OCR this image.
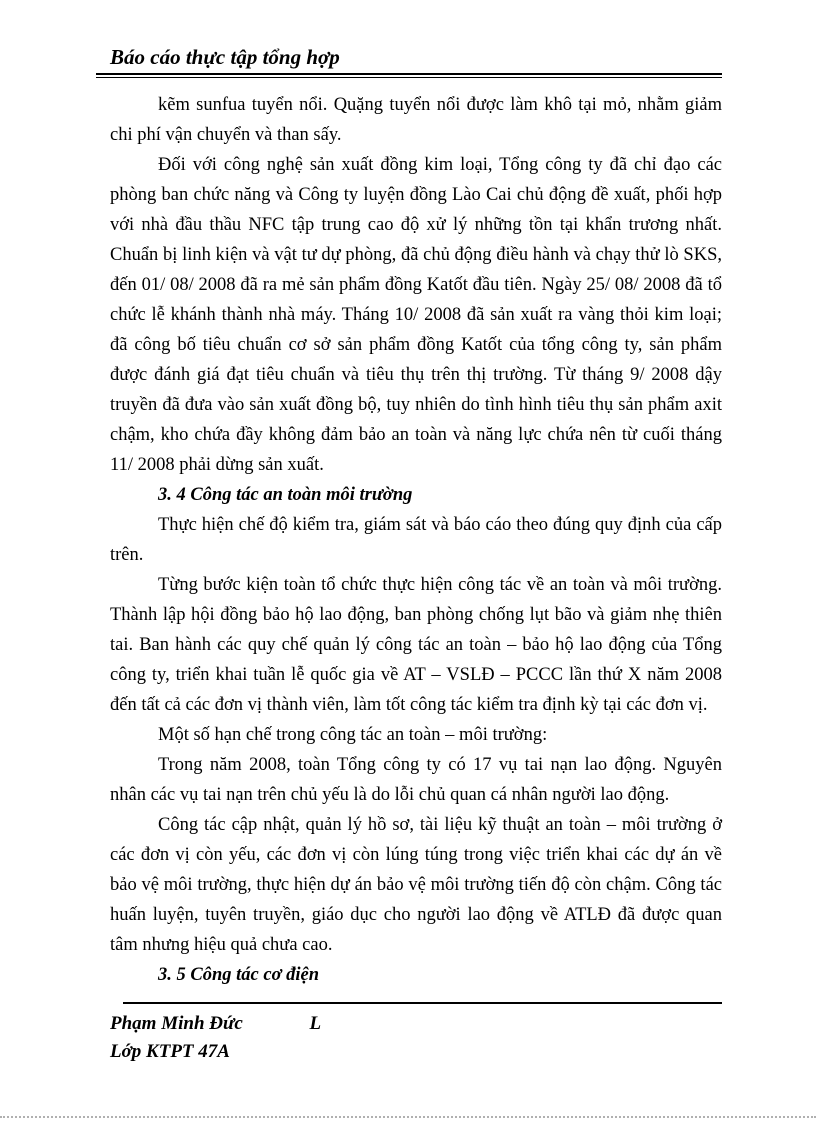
Báo cáo thực tập tổng hợp

kẽm sunfua tuyển nổi. Quặng tuyển nổi được làm khô tại mỏ, nhằm giảm chi phí vận chuyển và than sấy.

Đối với công nghệ sản xuất đồng kim loại, Tổng công ty đã chỉ đạo các phòng ban chức năng và Công ty luyện đồng Lào Cai chủ động đề xuất, phối hợp với nhà đầu thầu NFC tập trung cao độ xử lý những tồn tại khẩn trương nhất. Chuẩn bị linh kiện và vật tư dự phòng, đã chủ động điều hành và chạy thử lò SKS, đến 01/ 08/ 2008 đã ra mẻ sản phẩm đồng Katốt đầu tiên. Ngày 25/ 08/ 2008 đã tổ chức lễ khánh thành nhà máy. Tháng 10/ 2008 đã sản xuất ra vàng thỏi kim loại; đã công bố tiêu chuẩn cơ sở sản phẩm đồng Katốt của tổng công ty, sản phẩm được đánh giá đạt tiêu chuẩn và tiêu thụ trên thị trường. Từ tháng 9/ 2008 dậy truyền đã đưa vào sản xuất đồng bộ, tuy nhiên do tình hình tiêu thụ sản phẩm axit chậm, kho chứa đầy không đảm bảo an toàn và năng lực chứa nên từ cuối tháng 11/ 2008 phải dừng sản xuất.

3. 4 Công tác an toàn môi trường

Thực hiện chế độ kiểm tra, giám sát và báo cáo theo đúng quy định của cấp trên.

Từng bước kiện toàn tổ chức thực hiện công tác về an toàn và môi trường. Thành lập hội đồng bảo hộ lao động, ban phòng chống lụt bão và giảm nhẹ thiên tai. Ban hành các quy chế quản lý công tác an toàn – bảo hộ lao động của Tổng công ty, triển khai tuần lễ quốc gia về AT – VSLĐ – PCCC lần thứ X năm 2008 đến tất cả các đơn vị thành viên, làm tốt công tác kiểm tra định kỳ tại các đơn vị.

Một số hạn chế trong công tác an toàn – môi trường:

Trong năm 2008, toàn Tổng công ty có 17 vụ tai nạn lao động. Nguyên nhân các vụ tai nạn trên chủ yếu là do lỗi chủ quan cá nhân người lao động.

Công tác cập nhật, quản lý hồ sơ, tài liệu kỹ thuật an toàn – môi trường ở các đơn vị còn yếu, các đơn vị còn lúng túng trong việc triển khai các dự án về bảo vệ môi trường, thực hiện dự án bảo vệ môi trường tiến độ còn chậm. Công tác huấn luyện, tuyên truyền, giáo dục cho người lao động về ATLĐ đã được quan tâm nhưng hiệu quả chưa cao.

3. 5 Công tác cơ điện

Phạm Minh Đức	L
Lớp KTPT 47A
